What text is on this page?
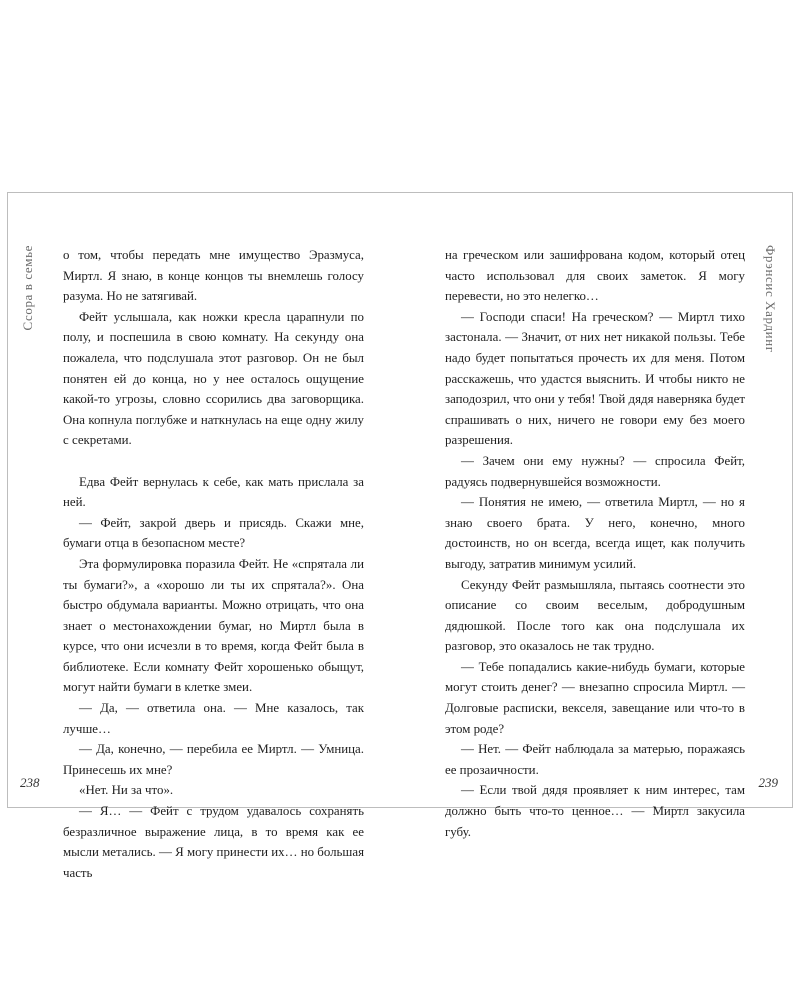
Ссора в семье о том, чтобы передать мне имущество Эразмуса, Миртл. Я знаю, в конце концов ты внемлешь голосу разума. Но не затягивай.

Фейт услышала, как ножки кресла царапнули по полу, и поспешила в свою комнату. На секунду она пожалела, что подслушала этот разговор. Он не был понятен ей до конца, но у нее осталось ощущение какой-то угрозы, словно ссорились два заговорщика. Она копнула поглубже и наткнулась на еще одну жилу с секретами.

Едва Фейт вернулась к себе, как мать прислала за ней.

— Фейт, закрой дверь и присядь. Скажи мне, бумаги отца в безопасном месте?

Эта формулировка поразила Фейт. Не «спрятала ли ты бумаги?», а «хорошо ли ты их спрятала?». Она быстро обдумала варианты. Можно отрицать, что она знает о местонахождении бумаг, но Миртл была в курсе, что они исчезли в то время, когда Фейт была в библиотеке. Если комнату Фейт хорошенько обыщут, могут найти бумаги в клетке змеи.

— Да, — ответила она. — Мне казалось, так лучше…

— Да, конечно, — перебила ее Миртл. — Умница. Принесешь их мне?

«Нет. Ни за что».

— Я… — Фейт с трудом удавалось сохранять безразличное выражение лица, в то время как ее мысли метались. — Я могу принести их… но большая часть

238
Фрэнсис Хардинг

на греческом или зашифрована кодом, который отец часто использовал для своих заметок. Я могу перевести, но это нелегко…

— Господи спаси! На греческом? — Миртл тихо застонала. — Значит, от них нет никакой пользы. Тебе надо будет попытаться прочесть их для меня. Потом расскажешь, что удастся выяснить. И чтобы никто не заподозрил, что они у тебя! Твой дядя наверняка будет спрашивать о них, ничего не говори ему без моего разрешения.

— Зачем они ему нужны? — спросила Фейт, радуясь подвернувшейся возможности.

— Понятия не имею, — ответила Миртл, — но я знаю своего брата. У него, конечно, много достоинств, но он всегда, всегда ищет, как получить выгоду, затратив минимум усилий.

Секунду Фейт размышляла, пытаясь соотнести это описание со своим веселым, добродушным дядюшкой. После того как она подслушала их разговор, это оказалось не так трудно.

— Тебе попадались какие-нибудь бумаги, которые могут стоить денег? — внезапно спросила Миртл. — Долговые расписки, векселя, завещание или что-то в этом роде?

— Нет. — Фейт наблюдала за матерью, поражаясь ее прозаичности.

— Если твой дядя проявляет к ним интерес, там должно быть что-то ценное… — Миртл закусила губу.

239
